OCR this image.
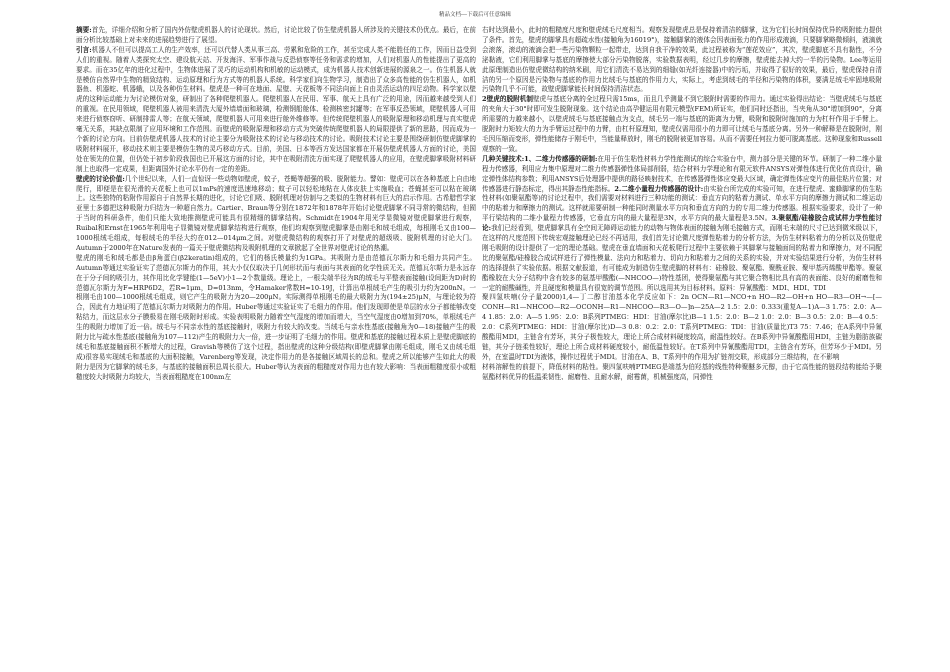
精品文档---下载后可任意编辑

摘要:首先，详细介绍和分析了国内外仿壁虎机器人的讨论现状。然后，讨论比较了仿生壁虎机器人所涉及的关键技术仍优点。最后，在前面分析比较基础上对未来的进展趋势进行了展望。

引言:机器人不但可以提高工人的生产效率，还可以代替人类从事三高、劳累和危险的工作，甚至完成人类不能胜任的工作，因而日益受到人们的重视。随着人类探究太空、建设航天站、开发海洋、军事作战与反恐侦察等任务和需求的增加，人们对机器人的性能提出了更高的要求。而在35亿年的进化过程中，生物体进展了灵巧的运动机构和机敏的运动模式，成为机器人技术创新进展的源泉之一。仿生机器人就是模仿自然界中生物的精致结构、运动原理和行为方式等的机器人系统。科学家们向生物学习，制造出了众多高性能的仿生机器人，如机器鱼、机器蛇、机器蛾，以及各种仿生材料。壁虎是一种可在地面、屋壁、天花板等不同法向面上自由灵活运动的四足动物。科学家以壁虎的这种运动能力为讨论模仿对象，研制出了各种爬壁机器人。爬壁机器人在民用、军事、航天上具有广泛的用途，因而越来越受到人们的重视。在民用领域，爬壁机器人被用来清洗大厦外墙墙面和玻璃，检测钢船舱体、检测核密封罐等；在军事反恐领域，爬壁机器人可用来进行侦察窃听、研制排雷人等；在航天领域，爬壁机器人可用来进行舱外维修等。但传统爬壁机器人的吸附原理和移动机理与真实壁虎毫无关系，其缺点限制了应用环境和工作范围。而壁虎的吸附原理和移动方式为突破传统爬壁机器人的局限提供了新的思路，因而成为一个新的讨论方向。目前仿壁虎机器人技术的讨论主要分为吸附技术的讨论与移动技术的讨论。吸附技术讨论主要是围绕研制仿壁虎脚掌的吸附材料展开，移动技术则主要是模仿生物的灵巧移动方式。目前，美国、日本等西方发达国家都在开展仿壁虎机器人方面的讨论，美国处在领先的位置，但仍处于初步阶段我国也已开展这方面的讨论，其中在吸附清洗方面实现了爬壁机器人的应用，在壁虎脚掌吸附材料研制上也取得一定成果，但距离国外讨论水平仍有一定的差距。

壁虎的讨论价值:几个世纪以来，人们一直惊讶一些动物如壁虎，蚊子，苍蝇等超强的吸、脱附能力。譬如：壁虎可以在各种基底上自由地爬行，即便是在很光滑的天花板上也可以1mPs的速度迅速地移动；蚊子可以轻松地粘在人体皮肤上实施吸血；苍蝇甚至可以粘在玻璃上。这些独特的粘附作用源自于自然界长期的进化，讨论它们吸、脱附机理对仿制与之类似的生物材料有巨大的启示作用。古希腊哲学家亚里士多德把这种吸附力归结为一种超自然力。Cartier、Braun等分别在1872年和1878年开始讨论壁虎脚掌不同寻常的微结构，但囿于当时的科研条件，他们只能大致地推测壁虎可能具有很精细的脚掌结构。Schmidt在1904年用光学显微镜对壁虎脚掌进行观察，Ruibal和Ernst在1965年利用电子显微镜对壁虎脚掌结构进行观察，他们均观察到壁虎脚掌是由刚毛和绒毛组成，每根刚毛又由100—1000根绒毛组成，每根绒毛的半径大约在012—014μm之间。对壁虎微结构的观察打开了对壁虎的超级吸、脱附机理的讨论大门。Autumn于2000年在Nature发表的一篇关于壁虎微结构及吸附机理的文章掀起了全世界对壁虎讨论的热潮。

壁虎的刚毛和绒毛都是由β角蛋白(β2keratin)组成的，它们的杨氏模量约为1GPa。其吸附力是由范德瓦尔斯力和毛细力共同产生。Autumn等通过实验证实了范德瓦尔斯力的作用，其大小仅仅取决于几何形状而与表面与其表面的化学性质无关。范德瓦尔斯力是永远存在于分子间的吸引力，其作用比化学键能(1—5eV)小1—2个数量级。理论上，一根尖端半径为R的绒毛与平整表面接触(设间距为D)时的范德瓦尔斯力为F=HRP6D2，若R=1μm，D=013nm，令Hamaker常数H=10-19J，计算出单根绒毛产生的吸引力约为200nN。一根刚毛由100—1000根绒毛组成，则它产生的吸附力为20—200μN。实际测得单根刚毛的最大吸附力为(194±25)μN，与理论较为符合，因此有力地证明了范德瓦尔斯力对吸附力的作用。Huber等通过实验证实了毛细力的作用。他们发现即使是单层的水分子都能够改变粘结力，而这层水分子膜极易在刚毛吸附时形成。实验表明吸附力随着空气湿度的增加而增大，当空气湿度由0增加到70%，单根绒毛产生的吸附力增加了近一倍。绒毛与不同亲水性的基底接触时，吸附力有较大的改变。当绒毛与亲水性基底(接触角为0—18)接触产生的吸附力比与疏水性基底(接触角为107—112)产生的吸附力大一倍，进一步证明了毛细力的作用。壁虎和基底的接触过程本质上是壁虎脚底的绒毛和基底接触面积不断增大的过程，Gravish等模仿了这个过程，指出壁虎的这种分级结构(即壁虎脚掌由刚毛组成，刚毛又由绒毛组成)很容易实现绒毛和基底的大面积接触，Varenberg等发现，决定作用力的是各接触区域周长的总和。壁虎之所以能够产生如此大的吸附力是因为它脚掌的绒毛多，与基底的接触面积总周长很大。Huber等认为表面的粗糙度对作用力也有较大影响：当表面粗糙度很小或粗糙度较大时吸附力均较大，当表面粗糙度在100nm左

右时达到最小，此时的粗糙度尺度和壁虎绒毛尺度相当。观察发现壁虎总是保持着清洁的脚掌，这为它们长时间保持优异的吸附能力提供了条件。首先，壁虎的脚掌具有超疏水性(接触角为16019°)，接触脚掌的液体会因表面张力的作用形成液滴，只要脚掌略微倾斜，液滴就会滚落，滚动的液滴会把一些污染物颗粒一起带走，达到自我干净的效果，此过程被称为“莲花效应”，其次，壁虎脚底不具有黏性，不分泌黏液，它们利用脚掌与基底的摩擦使大部分污染物脱落，实验数据表明，经过几步的摩擦，壁虎能去掉大约一半的污染物。Lee等运用此原理制造出仿壁虎微结构的纳米刷，用它们清洗不易达到的细缝(如光纤连接器)中的污垢，并取得了很好的效果，最后，壁虎保持自清洁的另一个原因是污染物与基底的作用力比绒毛与基底的作用力大，实际上，考虑到绒毛的半径和污染物的体积，要满足绒毛牢固地吸附污染物几乎不可能，故壁虎脚掌能长时间保持清洁状态。

2壁虎的脱附机制壁虎与基底分离的全过程只需15ms，而且几乎测量不到它脱附时需要的作用力。通过实验得出结论：当壁虎绒毛与基底的夹角大于30°时即可发生脱附现象。这个结论由高孕健运用有限元模型(FEM)所证实，他们同时还指出，当夹角从30°增加到90°，分离所需要的力越来越小，以壁虎绒毛与基底接触点为支点，绒毛另一端与基底的距离为力臂，吸附和脱附时施加的力为杠杆作用于手臂上。脱附时力矩较大的力为手臂运过程中的力臂，由杠杆原理知，壁虎仅需用很小的力即可让绒毛与基底分离。另外一种解释是在脱附时，刚毛因压缩而变形，弹性能储存于刚毛中，当能量释放时，刚毛的脱附被更加容易。从而不需要任何拉力便可脱离基底。这种现象和Russell观察的一致。

几种关键技术:1、二维力传感器的研制:在用于仿生粘性材料力学性能测试的综合实验台中，测力部分是关键的环节。研制了一种二维小量程力传感器，利用应力集中原理对二维力传感器弹性体局部削弱，结合材料力学理论和有限元软件ANSYS对弹性体进行优化仿真设计，确定弹性体结构参数；利用ANSYS后处理器中提供的路径映射技术，在传感器弹性体应变最大区域，确定弹性体应变片的最佳粘片位置；对传感器进行静态标定，得出其静态性能指标。2.二维小量程力传感器的设计:由实验台所完成的实验可知，在进行壁虎、蜜蜂脚掌的仿生粘性材料(如聚氨酯等)的讨论过程中，我们需要对材料进行三种功能的测试：垂直方向的粘着力测试、单水平方向的摩擦力测试和二维运动中的粘着力和摩擦力的测试。这样就需要研制一种能同时测量水平方向和垂直方向的力的专用二维力传感器。根据实验要求，设计了一种平行梁结构的二维小量程力传感器，它垂直方向的最大量程是3N，水平方向的最大量程是3.5N。3.聚氨酯/硅橡胶合成试样力学性能讨论:我们已经看到，壁虎脚掌具有全空间无障碍运动能力的动物与物体表面的接触为刚毛接触方式，而刚毛末端的尺寸已达到微米级以下，在这样的尺度范围下传统宏观接触理论已经不再适用，我们首先讨论微尺度弹性粘着力的分析方法，为仿生材料粘着力的分析以及仿壁虎刚毛吸附的设计提供了一定的理论基础。壁虎在垂直墙面和天花板爬行过程中主要依赖于其脚掌与接触面间的粘着力和摩擦力，对不同配比的聚氨酯/硅橡胶合成试样进行了弹性模量、法向力和粘着力、切向力和粘着力之间的关系的实验，并对实验结果进行分析，为仿生材料的选择提供了实验依据。根据文献报道，有可能成为制造仿生壁虎脚的材料有：硅橡胶、聚氨酯、聚酰亚胺、聚甲基丙烯酸甲酯等。聚氨酯橡胶在大分子结构中含有较多的氨基甲酸酯(—NHCOO—)特性基团，使得聚氨酯与其它聚合物相比具有高的表面能、良好的耐磨性和一定的耐酸碱性，并且硬度和模量具有很宽的调节范围。所以选用其为目标材料。原料：异氰酸酯：MDI、HDI、TDI

聚四氢呋喃(分子量2000)1,4—丁二醇甘油基本化学反应如下：2n OCN—R1—NCO+n HO—R2—OH+n HO—R3—OH→—[—CONH—R1—NHCOO—R2—OCONH—R1—NHCOO—R3—O—]n—25A—2 1.5：2.0：0.333(重复A—1)A—3 1.75：2.0：A—4 1.85：2.0：A—5 1.95：2.0：B系列PTMEG：HDI：甘油(摩尔比)B—1 1.5：2.0：B—2 1.0：2.0：B—3 0.5：2.0：B—4 0.5：2.0：C系列PTMEG：HDI：甘油(摩尔比)D—3 0.8：0.2：2.0：T系列PTMEG：TDI：甘油(质量比)T3 75：7.46；在A系列中异氰酸酯用MDI，主链含有芳环，其分子极性较大，理论上所合成材料硬度较高，耐温性较好。在B系列中异氰酸酯用HDI，主链为脂肪族碳链，其分子链柔性较好，理论上所合成材料硬度较小，耐低温性较好。在T系列中异氰酸酯用TDI，主链含有芳环，但芳环少于MDI。另外，在室温时TDI为液体，操作过程优于MDI。甘油在A、B、T系列中的作用为扩链剂交联，形成部分三维结构，在不影响

材料溶解性的前提下，降低材料的粘性。聚四氢呋喃PTMEG是端基为伯羟基的线性特种聚醚多元醇，由于它高性能的链段结构能给予聚氨酯材料优异的低温柔韧性、耐磨性、且耐水解，耐霉菌，机械强度高，同弹性
